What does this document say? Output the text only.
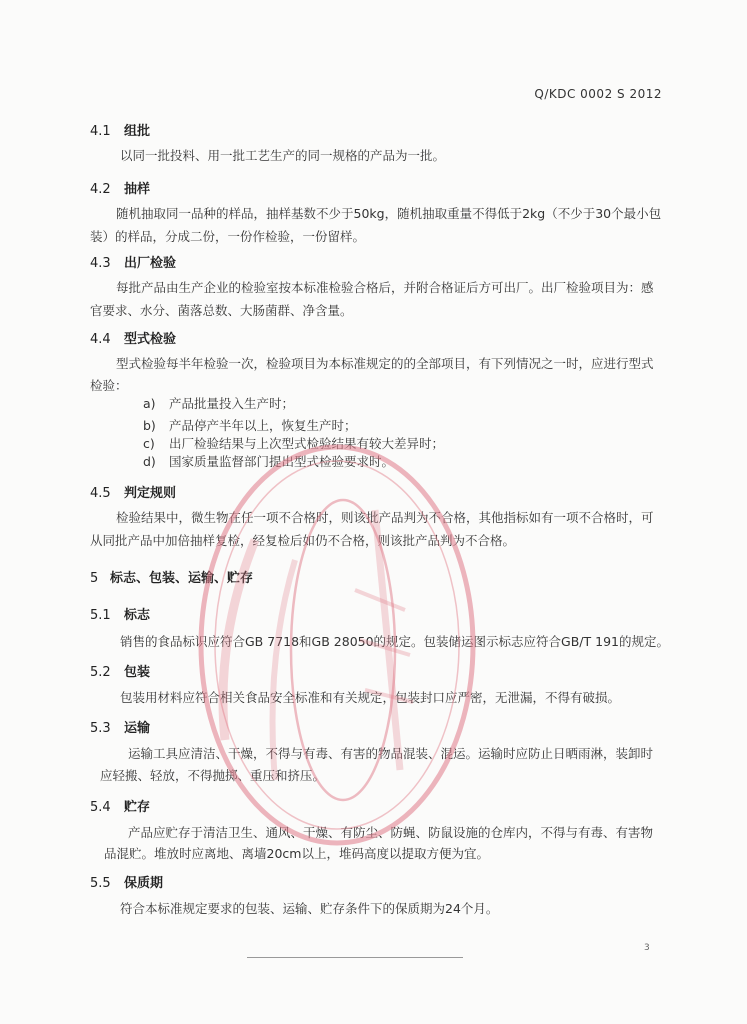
Q/KDC 0002 S 2012
4.1 组批
以同一批投料、用一批工艺生产的同一规格的产品为一批。
4.2 抽样
随机抽取同一品种的样品，抽样基数不少于50kg，随机抽取重量不得低于2kg（不少于30个最小包
装）的样品，分成二份，一份作检验，一份留样。
4.3 出厂检验
每批产品由生产企业的检验室按本标准检验合格后，并附合格证后方可出厂。出厂检验项目为：感
官要求、水分、菌落总数、大肠菌群、净含量。
4.4 型式检验
型式检验每半年检验一次，检验项目为本标准规定的的全部项目，有下列情况之一时，应进行型式
检验：
a) 产品批量投入生产时；
b) 产品停产半年以上，恢复生产时；
c) 出厂检验结果与上次型式检验结果有较大差异时；
d) 国家质量监督部门提出型式检验要求时。
4.5 判定规则
检验结果中，微生物在任一项不合格时，则该批产品判为不合格，其他指标如有一项不合格时，可
从同批产品中加倍抽样复检，经复检后如仍不合格，则该批产品判为不合格。
5 标志、包装、运输、贮存
5.1 标志
销售的食品标识应符合GB 7718和GB 28050的规定。包装储运图示标志应符合GB/T 191的规定。
5.2 包装
包装用材料应符合相关食品安全标准和有关规定，包装封口应严密，无泄漏，不得有破损。
5.3 运输
运输工具应清洁、干燥，不得与有毒、有害的物品混装、混运。运输时应防止日晒雨淋，装卸时
应轻搬、轻放，不得抛掷、重压和挤压。
5.4 贮存
产品应贮存于清洁卫生、通风、干燥、有防尘、防蝇、防鼠设施的仓库内，不得与有毒、有害物
品混贮。堆放时应离地、离墙20cm以上，堆码高度以提取方便为宜。
5.5 保质期
符合本标准规定要求的包装、运输、贮存条件下的保质期为24个月。
3
